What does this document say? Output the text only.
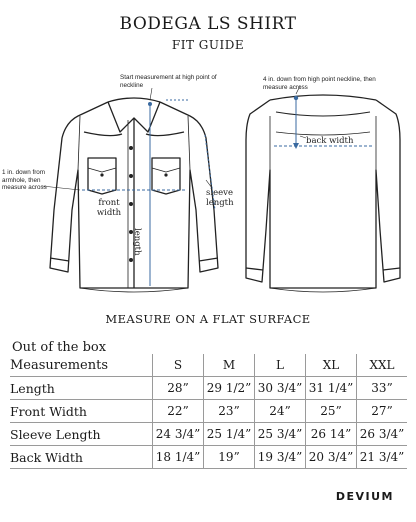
BODEGA LS SHIRT
FIT GUIDE
Start measurement at high point of neckline
1 in. down from armhole, then measure across
4 in. down from high point neckline, then measure across
front width
length
sleeve length
back width
MEASURE ON A FLAT SURFACE
Out of the box
Measurements	S	M	L	XL	XXL
Length	28”	29 1/2”	30 3/4”	31 1/4”	33”
Front Width	22”	23”	24”	25”	27”
Sleeve Length	24 3/4”	25 1/4”	25 3/4”	26 14”	26 3/4”
Back Width	18 1/4”	19”	19 3/4”	20 3/4”	21 3/4”
DEVIUM
